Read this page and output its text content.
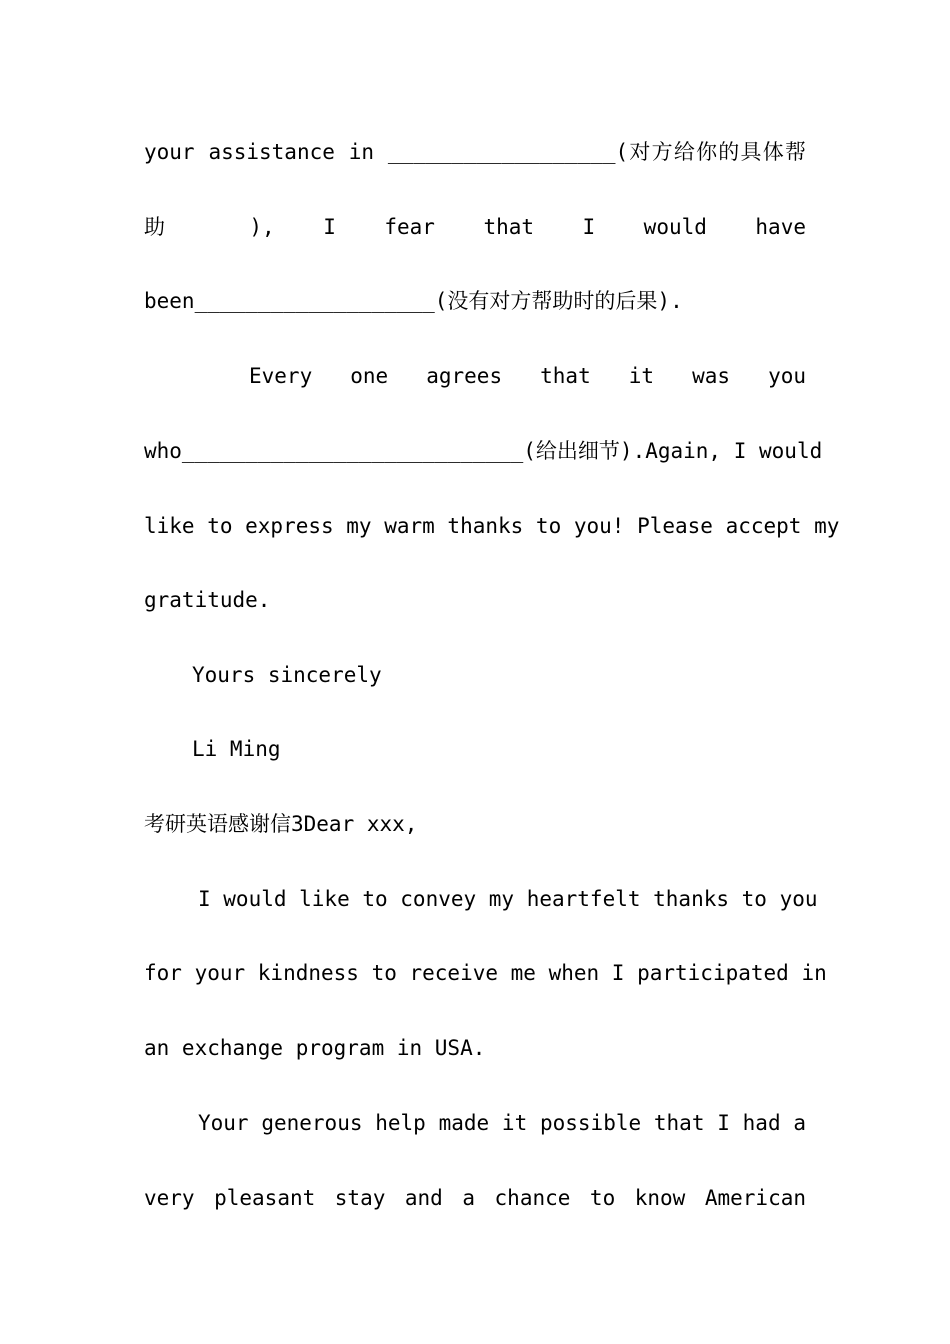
your assistance in __________________(对方给你的具体帮
助 ), I fear that I would have
been___________________(没有对方帮助时的后果).
Every one agrees that it was you
who___________________________(给出细节).Again, I would
like to express my warm thanks to you! Please accept my
gratitude.
Yours sincerely
Li Ming
考研英语感谢信3Dear xxx,
I would like to convey my heartfelt thanks to you
for your kindness to receive me when I participated in
an exchange program in USA.
Your generous help made it possible that I had a
very pleasant stay and a chance to know American
